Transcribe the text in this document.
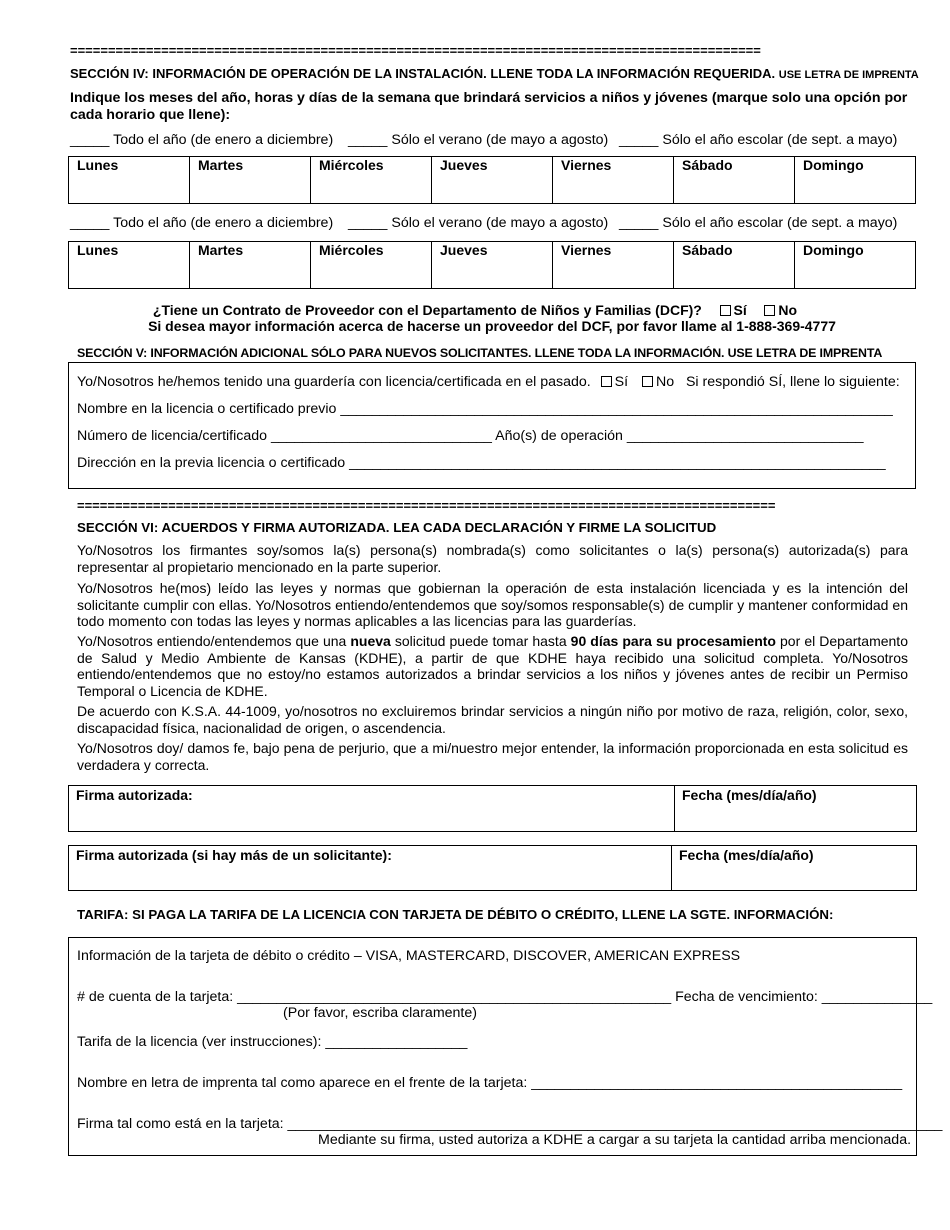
===========================================================================================
SECCIÓN IV: INFORMACIÓN DE OPERACIÓN DE LA INSTALACIÓN. LLENE TODA LA INFORMACIÓN REQUERIDA. USE LETRA DE IMPRENTA
Indique los meses del año, horas y días de la semana que brindará servicios a niños y jóvenes (marque solo una opción por cada horario que llene):
_____ Todo el año (de enero a diciembre) _____ Sólo el verano (de mayo a agosto) _____ Sólo el año escolar (de sept. a mayo)
Lunes	Martes	Miércoles	Jueves	Viernes	Sábado	Domingo
_____ Todo el año (de enero a diciembre) _____ Sólo el verano (de mayo a agosto) _____ Sólo el año escolar (de sept. a mayo)
Lunes	Martes	Miércoles	Jueves	Viernes	Sábado	Domingo
¿Tiene un Contrato de Proveedor con el Departamento de Niños y Familias (DCF)? Sí No
Si desea mayor información acerca de hacerse un proveedor del DCF, por favor llame al 1-888-369-4777
SECCIÓN V: INFORMACIÓN ADICIONAL SÓLO PARA NUEVOS SOLICITANTES. LLENE TODA LA INFORMACIÓN. USE LETRA DE IMPRENTA
Yo/Nosotros he/hemos tenido una guardería con licencia/certificada en el pasado. Sí No Si respondió SÍ, llene lo siguiente:
Nombre en la licencia o certificado previo ______________________________________________________________________
Número de licencia/certificado ____________________________ Año(s) de operación ______________________________
Dirección en la previa licencia o certificado ____________________________________________________________________
============================================================================================
SECCIÓN VI: ACUERDOS Y FIRMA AUTORIZADA. LEA CADA DECLARACIÓN Y FIRME LA SOLICITUD
Yo/Nosotros los firmantes soy/somos la(s) persona(s) nombrada(s) como solicitantes o la(s) persona(s) autorizada(s) para representar al propietario mencionado en la parte superior.
Yo/Nosotros he(mos) leído las leyes y normas que gobiernan la operación de esta instalación licenciada y es la intención del solicitante cumplir con ellas. Yo/Nosotros entiendo/entendemos que soy/somos responsable(s) de cumplir y mantener conformidad en todo momento con todas las leyes y normas aplicables a las licencias para las guarderías.
Yo/Nosotros entiendo/entendemos que una nueva solicitud puede tomar hasta 90 días para su procesamiento por el Departamento de Salud y Medio Ambiente de Kansas (KDHE), a partir de que KDHE haya recibido una solicitud completa. Yo/Nosotros entiendo/entendemos que no estoy/no estamos autorizados a brindar servicios a los niños y jóvenes antes de recibir un Permiso Temporal o Licencia de KDHE.
De acuerdo con K.S.A. 44-1009, yo/nosotros no excluiremos brindar servicios a ningún niño por motivo de raza, religión, color, sexo, discapacidad física, nacionalidad de origen, o ascendencia.
Yo/Nosotros doy/ damos fe, bajo pena de perjurio, que a mi/nuestro mejor entender, la información proporcionada en esta solicitud es verdadera y correcta.
Firma autorizada:	Fecha (mes/día/año)
Firma autorizada (si hay más de un solicitante):	Fecha (mes/día/año)
TARIFA: SI PAGA LA TARIFA DE LA LICENCIA CON TARJETA DE DÉBITO O CRÉDITO, LLENE LA SGTE. INFORMACIÓN:
Información de la tarjeta de débito o crédito – VISA, MASTERCARD, DISCOVER, AMERICAN EXPRESS
# de cuenta de la tarjeta: _______________________________________________________ Fecha de vencimiento: ______________
(Por favor, escriba claramente)
Tarifa de la licencia (ver instrucciones): __________________
Nombre en letra de imprenta tal como aparece en el frente de la tarjeta: _______________________________________________
Firma tal como está en la tarjeta: ___________________________________________________________________________________
Mediante su firma, usted autoriza a KDHE a cargar a su tarjeta la cantidad arriba mencionada.
